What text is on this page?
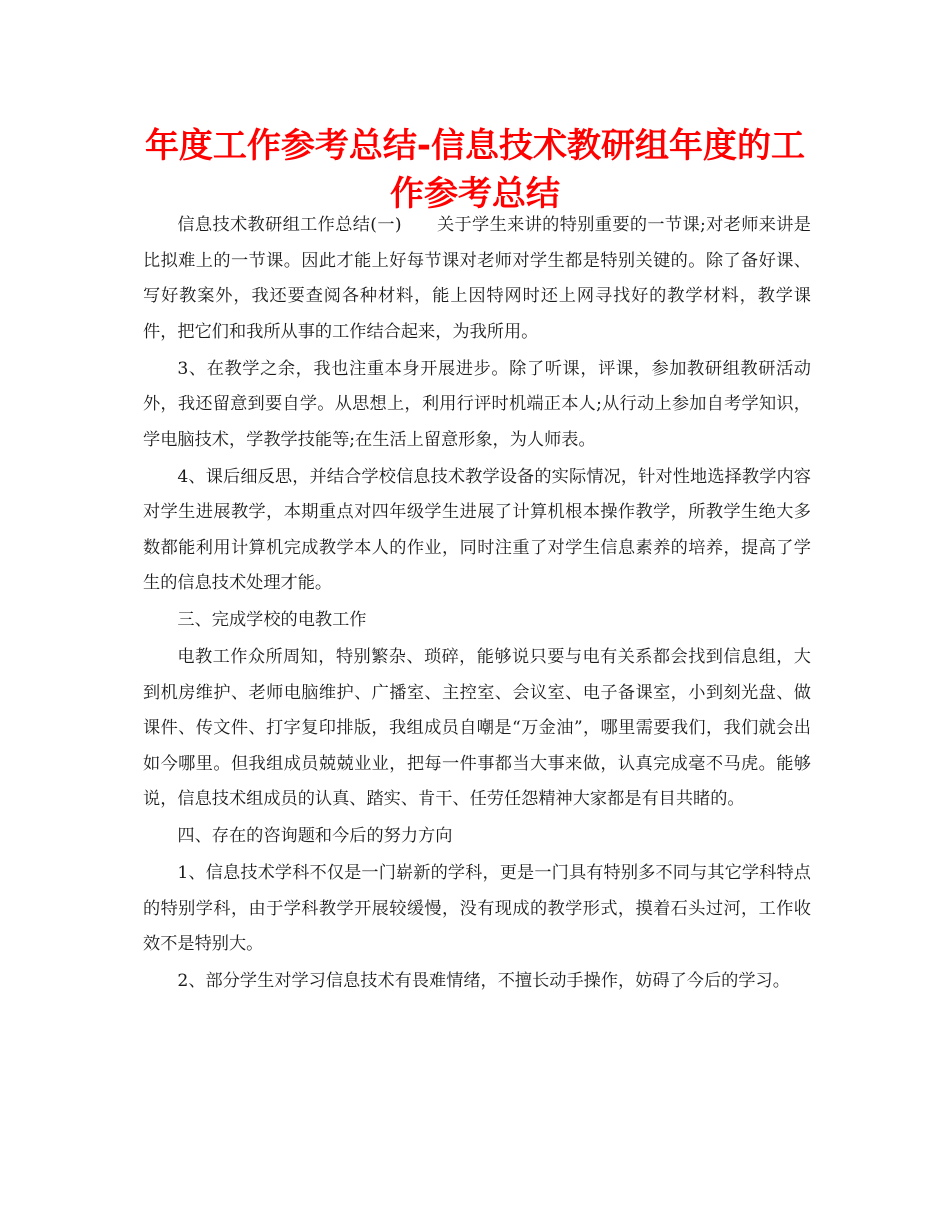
年度工作参考总结-信息技术教研组年度的工作参考总结

信息技术教研组工作总结(一)　　关于学生来讲的特别重要的一节课;对老师来讲是比拟难上的一节课。因此才能上好每节课对老师对学生都是特别关键的。除了备好课、写好教案外，我还要查阅各种材料，能上因特网时还上网寻找好的教学材料，教学课件，把它们和我所从事的工作结合起来，为我所用。

3、在教学之余，我也注重本身开展进步。除了听课，评课，参加教研组教研活动外，我还留意到要自学。从思想上，利用行评时机端正本人;从行动上参加自考学知识，学电脑技术，学教学技能等;在生活上留意形象，为人师表。

4、课后细反思，并结合学校信息技术教学设备的实际情况，针对性地选择教学内容对学生进展教学，本期重点对四年级学生进展了计算机根本操作教学，所教学生绝大多数都能利用计算机完成教学本人的作业，同时注重了对学生信息素养的培养，提高了学生的信息技术处理才能。

三、完成学校的电教工作

电教工作众所周知，特别繁杂、琐碎，能够说只要与电有关系都会找到信息组，大到机房维护、老师电脑维护、广播室、主控室、会议室、电子备课室，小到刻光盘、做课件、传文件、打字复印排版，我组成员自嘲是“万金油”，哪里需要我们，我们就会出如今哪里。但我组成员兢兢业业，把每一件事都当大事来做，认真完成毫不马虎。能够说，信息技术组成员的认真、踏实、肯干、任劳任怨精神大家都是有目共睹的。

四、存在的咨询题和今后的努力方向

1、信息技术学科不仅是一门崭新的学科，更是一门具有特别多不同与其它学科特点的特别学科，由于学科教学开展较缓慢，没有现成的教学形式，摸着石头过河，工作收效不是特别大。

2、部分学生对学习信息技术有畏难情绪，不擅长动手操作，妨碍了今后的学习。
